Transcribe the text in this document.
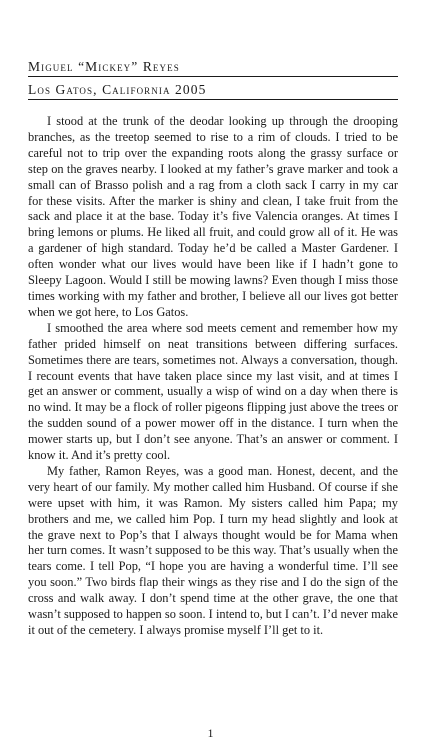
Miguel “Mickey” Reyes
Los Gatos, California 2005

I stood at the trunk of the deodar looking up through the drooping branches, as the treetop seemed to rise to a rim of clouds. I tried to be careful not to trip over the expanding roots along the grassy surface or step on the graves nearby. I looked at my father’s grave marker and took a small can of Brasso polish and a rag from a cloth sack I carry in my car for these visits. After the marker is shiny and clean, I take fruit from the sack and place it at the base. Today it’s five Valencia oranges. At times I bring lemons or plums. He liked all fruit, and could grow all of it. He was a gardener of high standard. Today he’d be called a Master Gardener. I often wonder what our lives would have been like if I hadn’t gone to Sleepy Lagoon. Would I still be mowing lawns? Even though I miss those times working with my father and brother, I believe all our lives got better when we got here, to Los Gatos.

I smoothed the area where sod meets cement and remember how my father prided himself on neat transitions between differing surfaces. Sometimes there are tears, sometimes not. Always a conversation, though. I recount events that have taken place since my last visit, and at times I get an answer or comment, usually a wisp of wind on a day when there is no wind. It may be a flock of roller pigeons flipping just above the trees or the sudden sound of a power mower off in the distance. I turn when the mower starts up, but I don’t see anyone. That’s an answer or comment. I know it. And it’s pretty cool.

My father, Ramon Reyes, was a good man. Honest, decent, and the very heart of our family. My mother called him Husband. Of course if she were upset with him, it was Ramon. My sisters called him Papa; my brothers and me, we called him Pop. I turn my head slightly and look at the grave next to Pop’s that I always thought would be for Mama when her turn comes. It wasn’t supposed to be this way. That’s usually when the tears come. I tell Pop, “I hope you are having a wonderful time. I’ll see you soon.” Two birds flap their wings as they rise and I do the sign of the cross and walk away. I don’t spend time at the other grave, the one that wasn’t supposed to happen so soon. I intend to, but I can’t. I’d never make it out of the cemetery. I always promise myself I’ll get to it.

1
